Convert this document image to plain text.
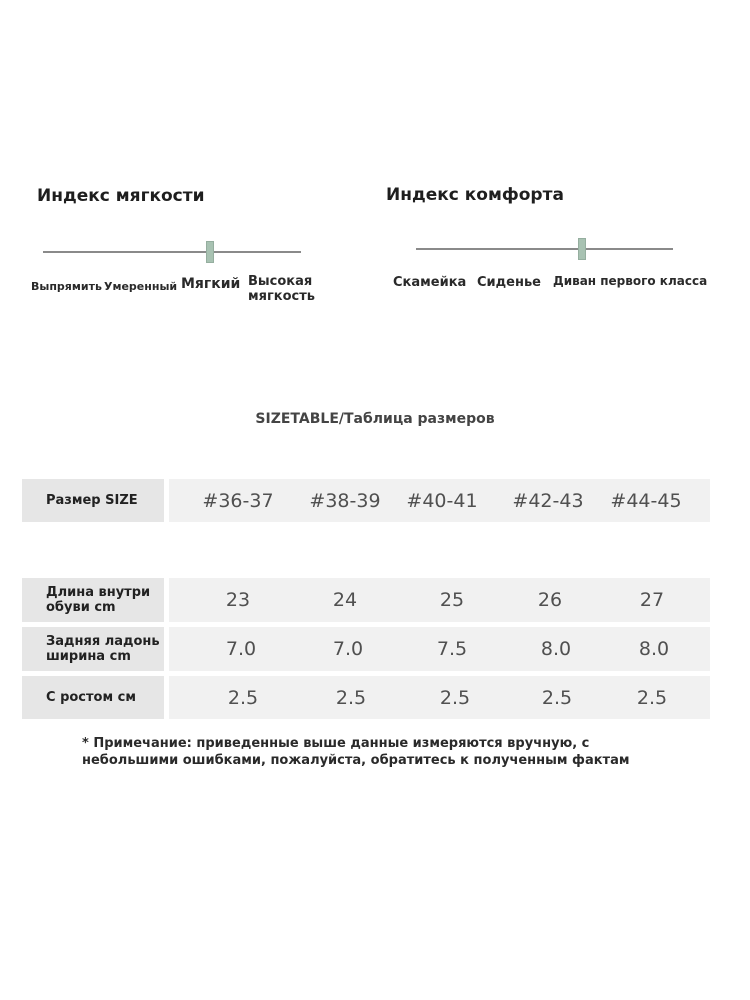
Индекс мягкости
Выпрямить Умеренный Мягкий Высокая
мягкость
Индекс комфорта
Скамейка Сиденье Диван первого класса
SIZETABLE/Таблица размеров
Размер SIZE	#36-37	#38-39	#40-41	#42-43	#44-45
Длина внутри
обуви cm	23	24	25	26	27
Задняя ладонь
ширина cm	7.0	7.0	7.5	8.0	8.0
С ростом см	2.5	2.5	2.5	2.5	2.5
* Примечание: приведенные выше данные измеряются вручную, с небольшими ошибками, пожалуйста, обратитесь к полученным фактам
